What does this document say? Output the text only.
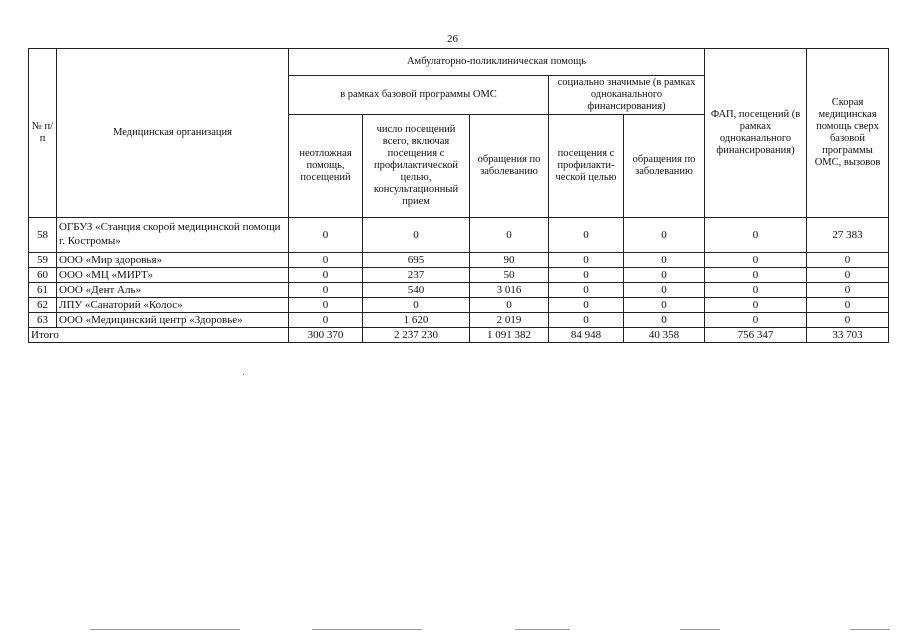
26
№ п/п	Медицинская организация	Амбулаторно-поликлиническая помощь					ФАП, посещений (в рамках одноканального финансирования)	Скорая медицинская помощь сверх базовой программы ОМС, вызовов
		в рамках базовой программы ОМС			социально значимые (в рамках одноканального финансирования)			
		неотложная помощь, посещений	число посещений всего, включая посещения с профилактической целью, консультационный прием	обращения по заболеванию	посещения с профилакти-ческой целью	обращения по заболеванию		
58	ОГБУЗ «Станция скорой медицинской помощи г. Костромы»	0	0	0	0	0	0	27 383
59	ООО «Мир здоровья»	0	695	90	0	0	0	0
60	ООО «МЦ «МИРТ»	0	237	50	0	0	0	0
61	ООО «Дент Аль»	0	540	3 016	0	0	0	0
62	ЛПУ «Санаторий «Колос»	0	0	0	0	0	0	0
63	ООО «Медицинский центр «Здоровье»	0	1 620	2 019	0	0	0	0
Итого		300 370	2 237 230	1 091 382	84 948	40 358	756 347	33 703
